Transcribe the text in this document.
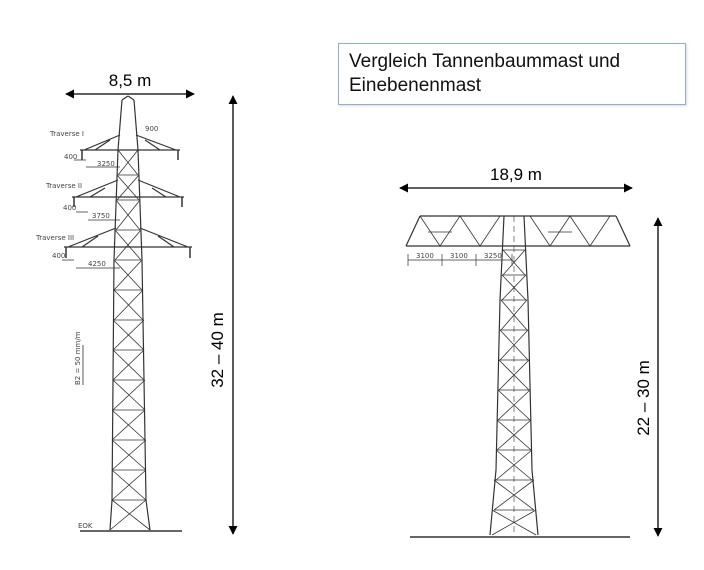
Traverse I
Traverse II
Traverse III
400
400
400
3250
3750
4250
900
B2 = 50 mm/m
EOK
8,5 m
32 – 40 m
3100 3100 3250
18,9 m
22 – 30 m
Vergleich Tannenbaummast und Einebenenmast
